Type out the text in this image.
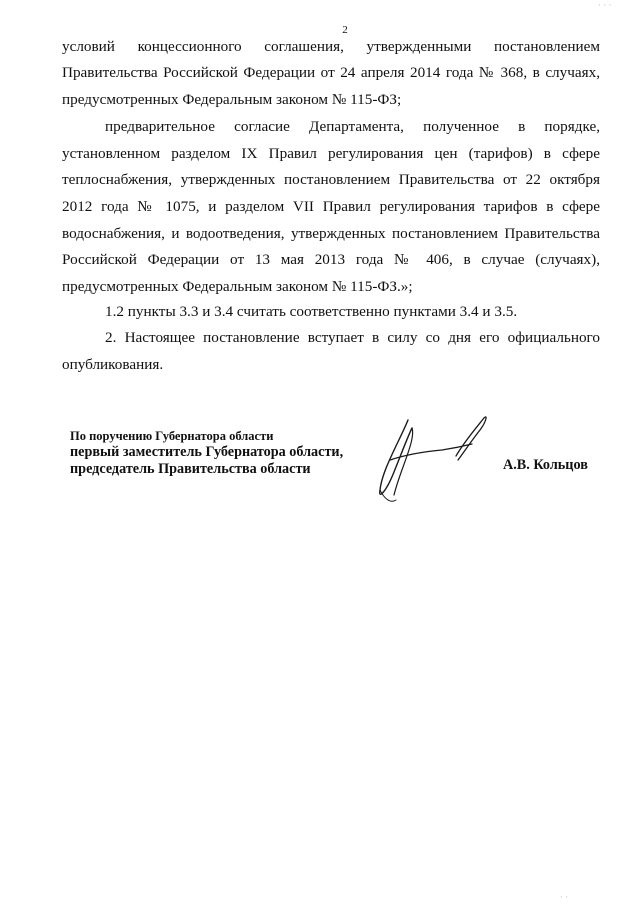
2
условий концессионного соглашения, утвержденными постановлением
Правительства Российской Федерации от 24 апреля 2014 года № 368, в случаях,
предусмотренных Федеральным законом № 115-ФЗ;
предварительное согласие Департамента, полученное в порядке,
установленном разделом IX Правил регулирования цен (тарифов) в сфере
теплоснабжения, утвержденных постановлением Правительства от 22 октября
2012 года № 1075, и разделом VII Правил регулирования тарифов в сфере
водоснабжения, и водоотведения, утвержденных постановлением Правительства
Российской Федерации от 13 мая 2013 года № 406, в случае (случаях),
предусмотренных Федеральным законом № 115-ФЗ.»;
1.2 пункты 3.3 и 3.4 считать соответственно пунктами 3.4 и 3.5.
2. Настоящее постановление вступает в силу со дня его официального
опубликования.
По поручению Губернатора области
первый заместитель Губернатора области,
председатель Правительства области	А.В. Кольцов
· · ·
· ·
